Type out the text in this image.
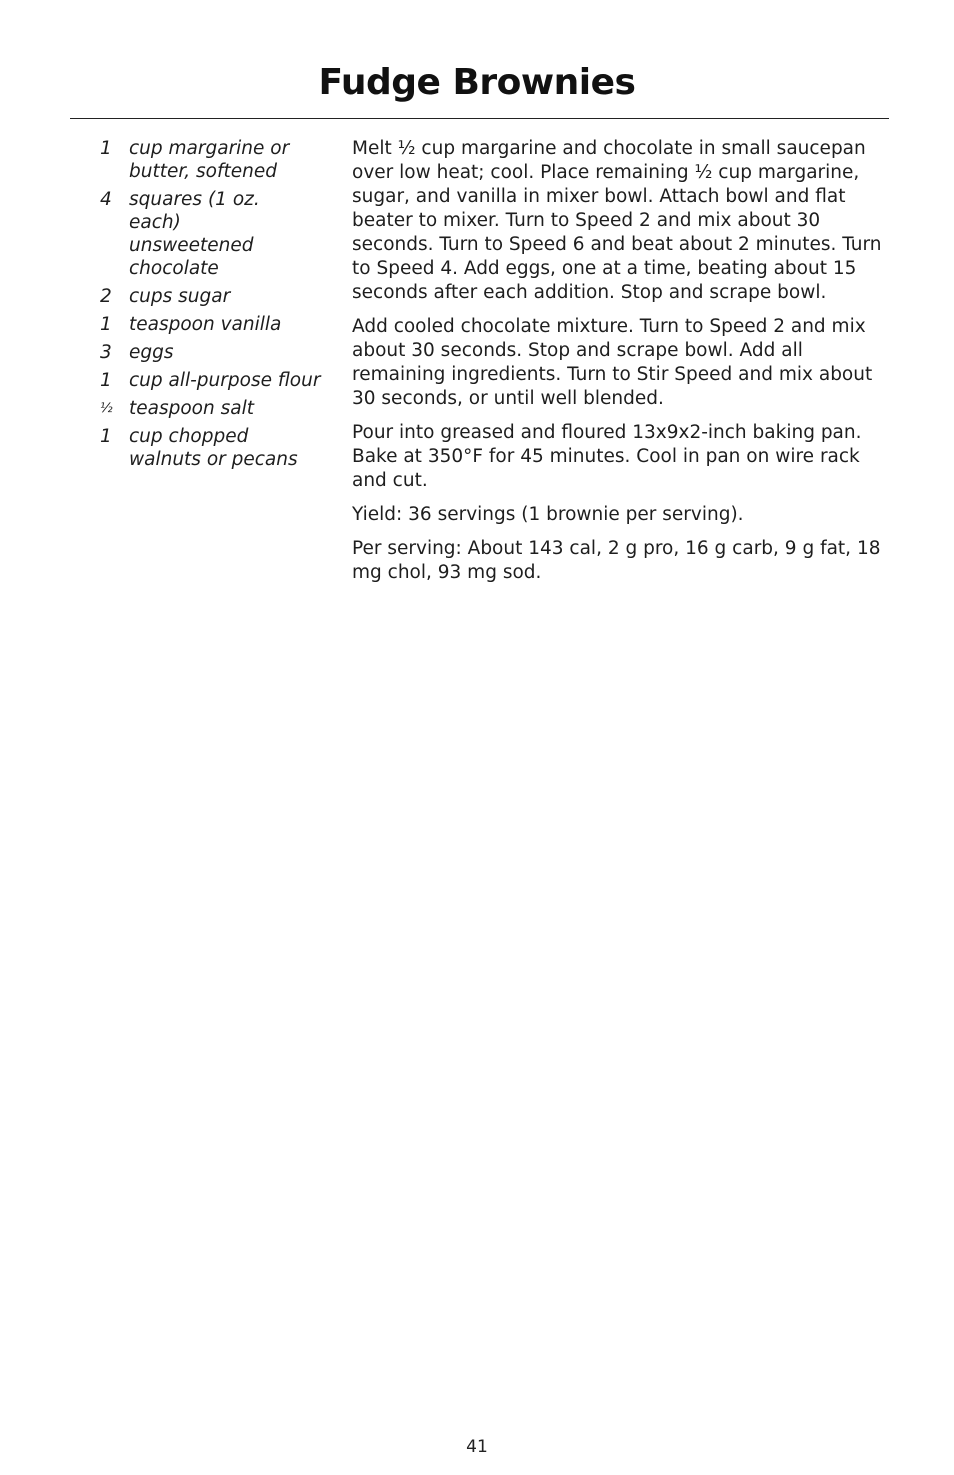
Fudge Brownies
1 cup margarine or butter, softened
4 squares (1 oz. each) unsweetened chocolate
2 cups sugar
1 teaspoon vanilla
3 eggs
1 cup all-purpose flour
½ teaspoon salt
1 cup chopped walnuts or pecans

Melt ½ cup margarine and chocolate in small saucepan over low heat; cool. Place remaining ½ cup margarine, sugar, and vanilla in mixer bowl. Attach bowl and flat beater to mixer. Turn to Speed 2 and mix about 30 seconds. Turn to Speed 6 and beat about 2 minutes. Turn to Speed 4. Add eggs, one at a time, beating about 15 seconds after each addition. Stop and scrape bowl.

Add cooled chocolate mixture. Turn to Speed 2 and mix about 30 seconds. Stop and scrape bowl. Add all remaining ingredients. Turn to Stir Speed and mix about 30 seconds, or until well blended.

Pour into greased and floured 13x9x2-inch baking pan. Bake at 350°F for 45 minutes. Cool in pan on wire rack and cut.

Yield: 36 servings (1 brownie per serving).

Per serving: About 143 cal, 2 g pro, 16 g carb, 9 g fat, 18 mg chol, 93 mg sod.

41
